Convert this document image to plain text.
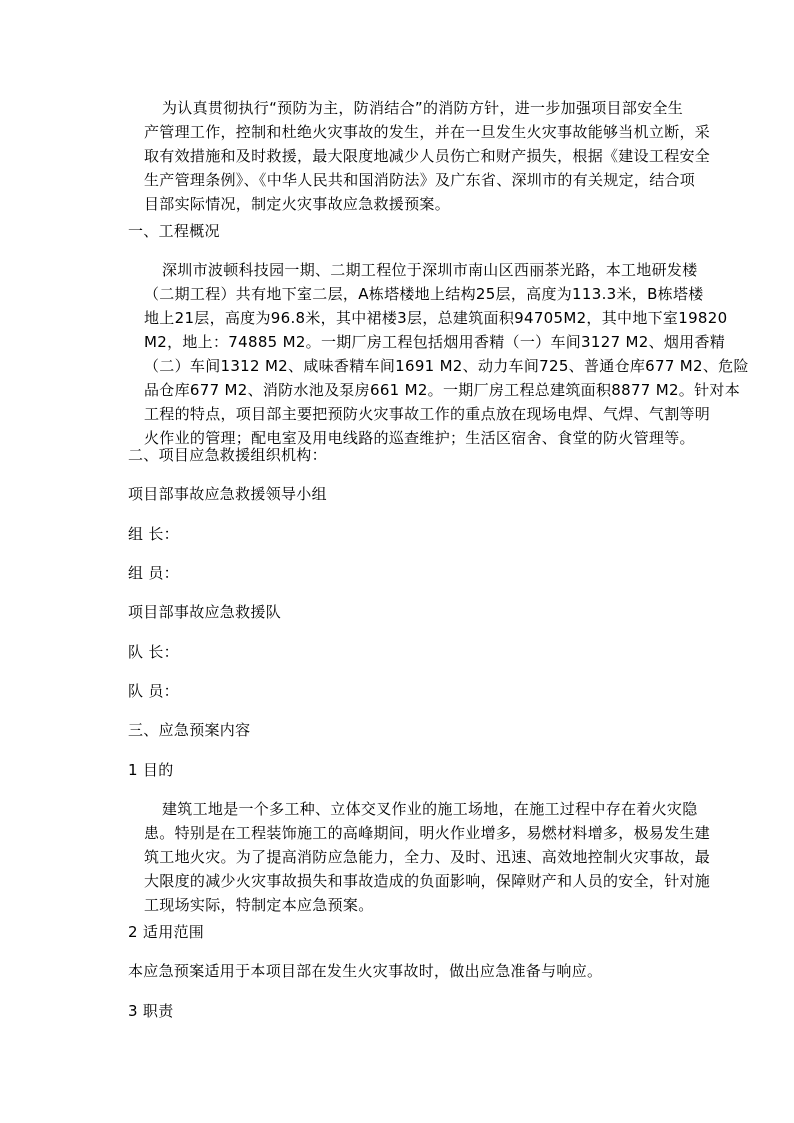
为认真贯彻执行“预防为主，防消结合”的消防方针，进一步加强项目部安全生
产管理工作，控制和杜绝火灾事故的发生，并在一旦发生火灾事故能够当机立断，采
取有效措施和及时救援，最大限度地减少人员伤亡和财产损失，根据《建设工程安全
生产管理条例》、《中华人民共和国消防法》及广东省、深圳市的有关规定，结合项
目部实际情况，制定火灾事故应急救援预案。
一、工程概况
深圳市波顿科技园一期、二期工程位于深圳市南山区西丽茶光路，本工地研发楼
（二期工程）共有地下室二层，A栋塔楼地上结构25层，高度为113.3米，B栋塔楼
地上21层，高度为96.8米，其中裙楼3层，总建筑面积94705M2，其中地下室19820
M2，地上：74885 M2。一期厂房工程包括烟用香精（一）车间3127 M2、烟用香精
（二）车间1312 M2、咸味香精车间1691 M2、动力车间725、普通仓库677 M2、危险
品仓库677 M2、消防水池及泵房661 M2。一期厂房工程总建筑面积8877 M2。针对本
工程的特点，项目部主要把预防火灾事故工作的重点放在现场电焊、气焊、气割等明
火作业的管理；配电室及用电线路的巡查维护；生活区宿舍、食堂的防火管理等。
二、项目应急救援组织机构：
项目部事故应急救援领导小组
组 长：
组 员：
项目部事故应急救援队
队 长：
队 员：
三、应急预案内容
1 目的
建筑工地是一个多工种、立体交叉作业的施工场地，在施工过程中存在着火灾隐
患。特别是在工程装饰施工的高峰期间，明火作业增多，易燃材料增多，极易发生建
筑工地火灾。为了提高消防应急能力，全力、及时、迅速、高效地控制火灾事故，最
大限度的减少火灾事故损失和事故造成的负面影响，保障财产和人员的安全，针对施
工现场实际，特制定本应急预案。
2 适用范围
本应急预案适用于本项目部在发生火灾事故时，做出应急准备与响应。
3 职责
